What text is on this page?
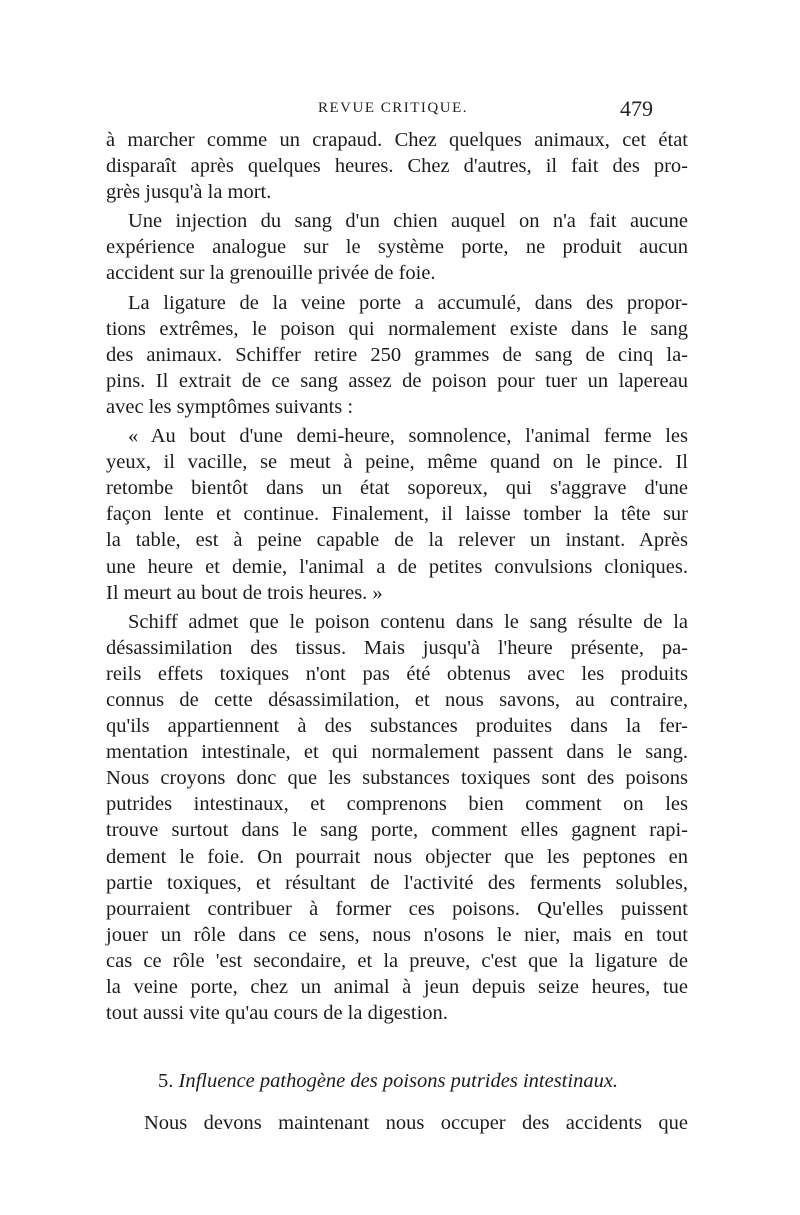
REVUE CRITIQUE.	479
à marcher comme un crapaud. Chez quelques animaux, cet état
disparaît après quelques heures. Chez d'autres, il fait des pro‑
grès jusqu'à la mort.
Une injection du sang d'un chien auquel on n'a fait aucune
expérience analogue sur le système porte, ne produit aucun
accident sur la grenouille privée de foie.
La ligature de la veine porte a accumulé, dans des propor-
tions extrêmes, le poison qui normalement existe dans le sang
des animaux. Schiffer retire 250 grammes de sang de cinq la-
pins. Il extrait de ce sang assez de poison pour tuer un lapereau
avec les symptômes suivants :
« Au bout d'une demi-heure, somnolence, l'animal ferme les
yeux, il vacille, se meut à peine, même quand on le pince. Il
retombe bientôt dans un état soporeux, qui s'aggrave d'une
façon lente et continue. Finalement, il laisse tomber la tête sur
la table, est à peine capable de la relever un instant. Après
une heure et demie, l'animal a de petites convulsions cloniques.
Il meurt au bout de trois heures. »
Schiff admet que le poison contenu dans le sang résulte de la
désassimilation des tissus. Mais jusqu'à l'heure présente, pa-
reils effets toxiques n'ont pas été obtenus avec les produits
connus de cette désassimilation, et nous savons, au contraire,
qu'ils appartiennent à des substances produites dans la fer-
mentation intestinale, et qui normalement passent dans le sang.
Nous croyons donc que les substances toxiques sont des poisons
putrides intestinaux, et comprenons bien comment on les
trouve surtout dans le sang porte, comment elles gagnent rapi-
dement le foie. On pourrait nous objecter que les peptones en
partie toxiques, et résultant de l'activité des ferments solubles,
pourraient contribuer à former ces poisons. Qu'elles puissent
jouer un rôle dans ce sens, nous n'osons le nier, mais en tout
cas ce rôle 'est secondaire, et la preuve, c'est que la ligature de
la veine porte, chez un animal à jeun depuis seize heures, tue
tout aussi vite qu'au cours de la digestion.
5. Influence pathogène des poisons putrides intestinaux.
Nous devons maintenant nous occuper des accidents que
